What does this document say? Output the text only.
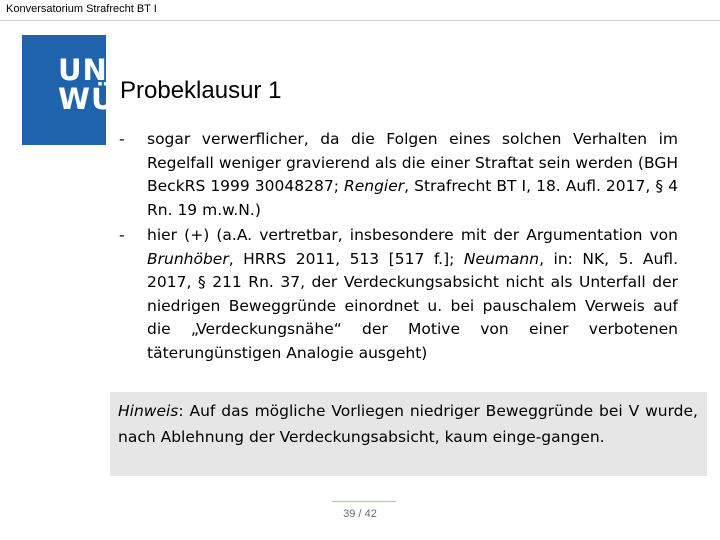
Konversatorium Strafrecht BT I
UNI
WÜ Probeklausur 1
-	sogar verwerflicher, da die Folgen eines solchen Verhalten im Regelfall weniger gravierend als die einer Straftat sein werden (BGH BeckRS 1999 30048287; Rengier, Strafrecht BT I, 18. Aufl. 2017, § 4 Rn. 19 m.w.N.)
-	hier (+) (a.A. vertretbar, insbesondere mit der Argumentation von Brunhöber, HRRS 2011, 513 [517 f.]; Neumann, in: NK, 5. Aufl. 2017, § 211 Rn. 37, der Verdeckungsabsicht nicht als Unterfall der niedrigen Beweggründe einordnet u. bei pauschalem Verweis auf die „Verdeckungsnähe“ der Motive von einer verbotenen täterungünstigen Analogie ausgeht)
Hinweis: Auf das mögliche Vorliegen niedriger Beweggründe bei V wurde, nach Ablehnung der Verdeckungsabsicht, kaum einge-gangen.
39 / 42
